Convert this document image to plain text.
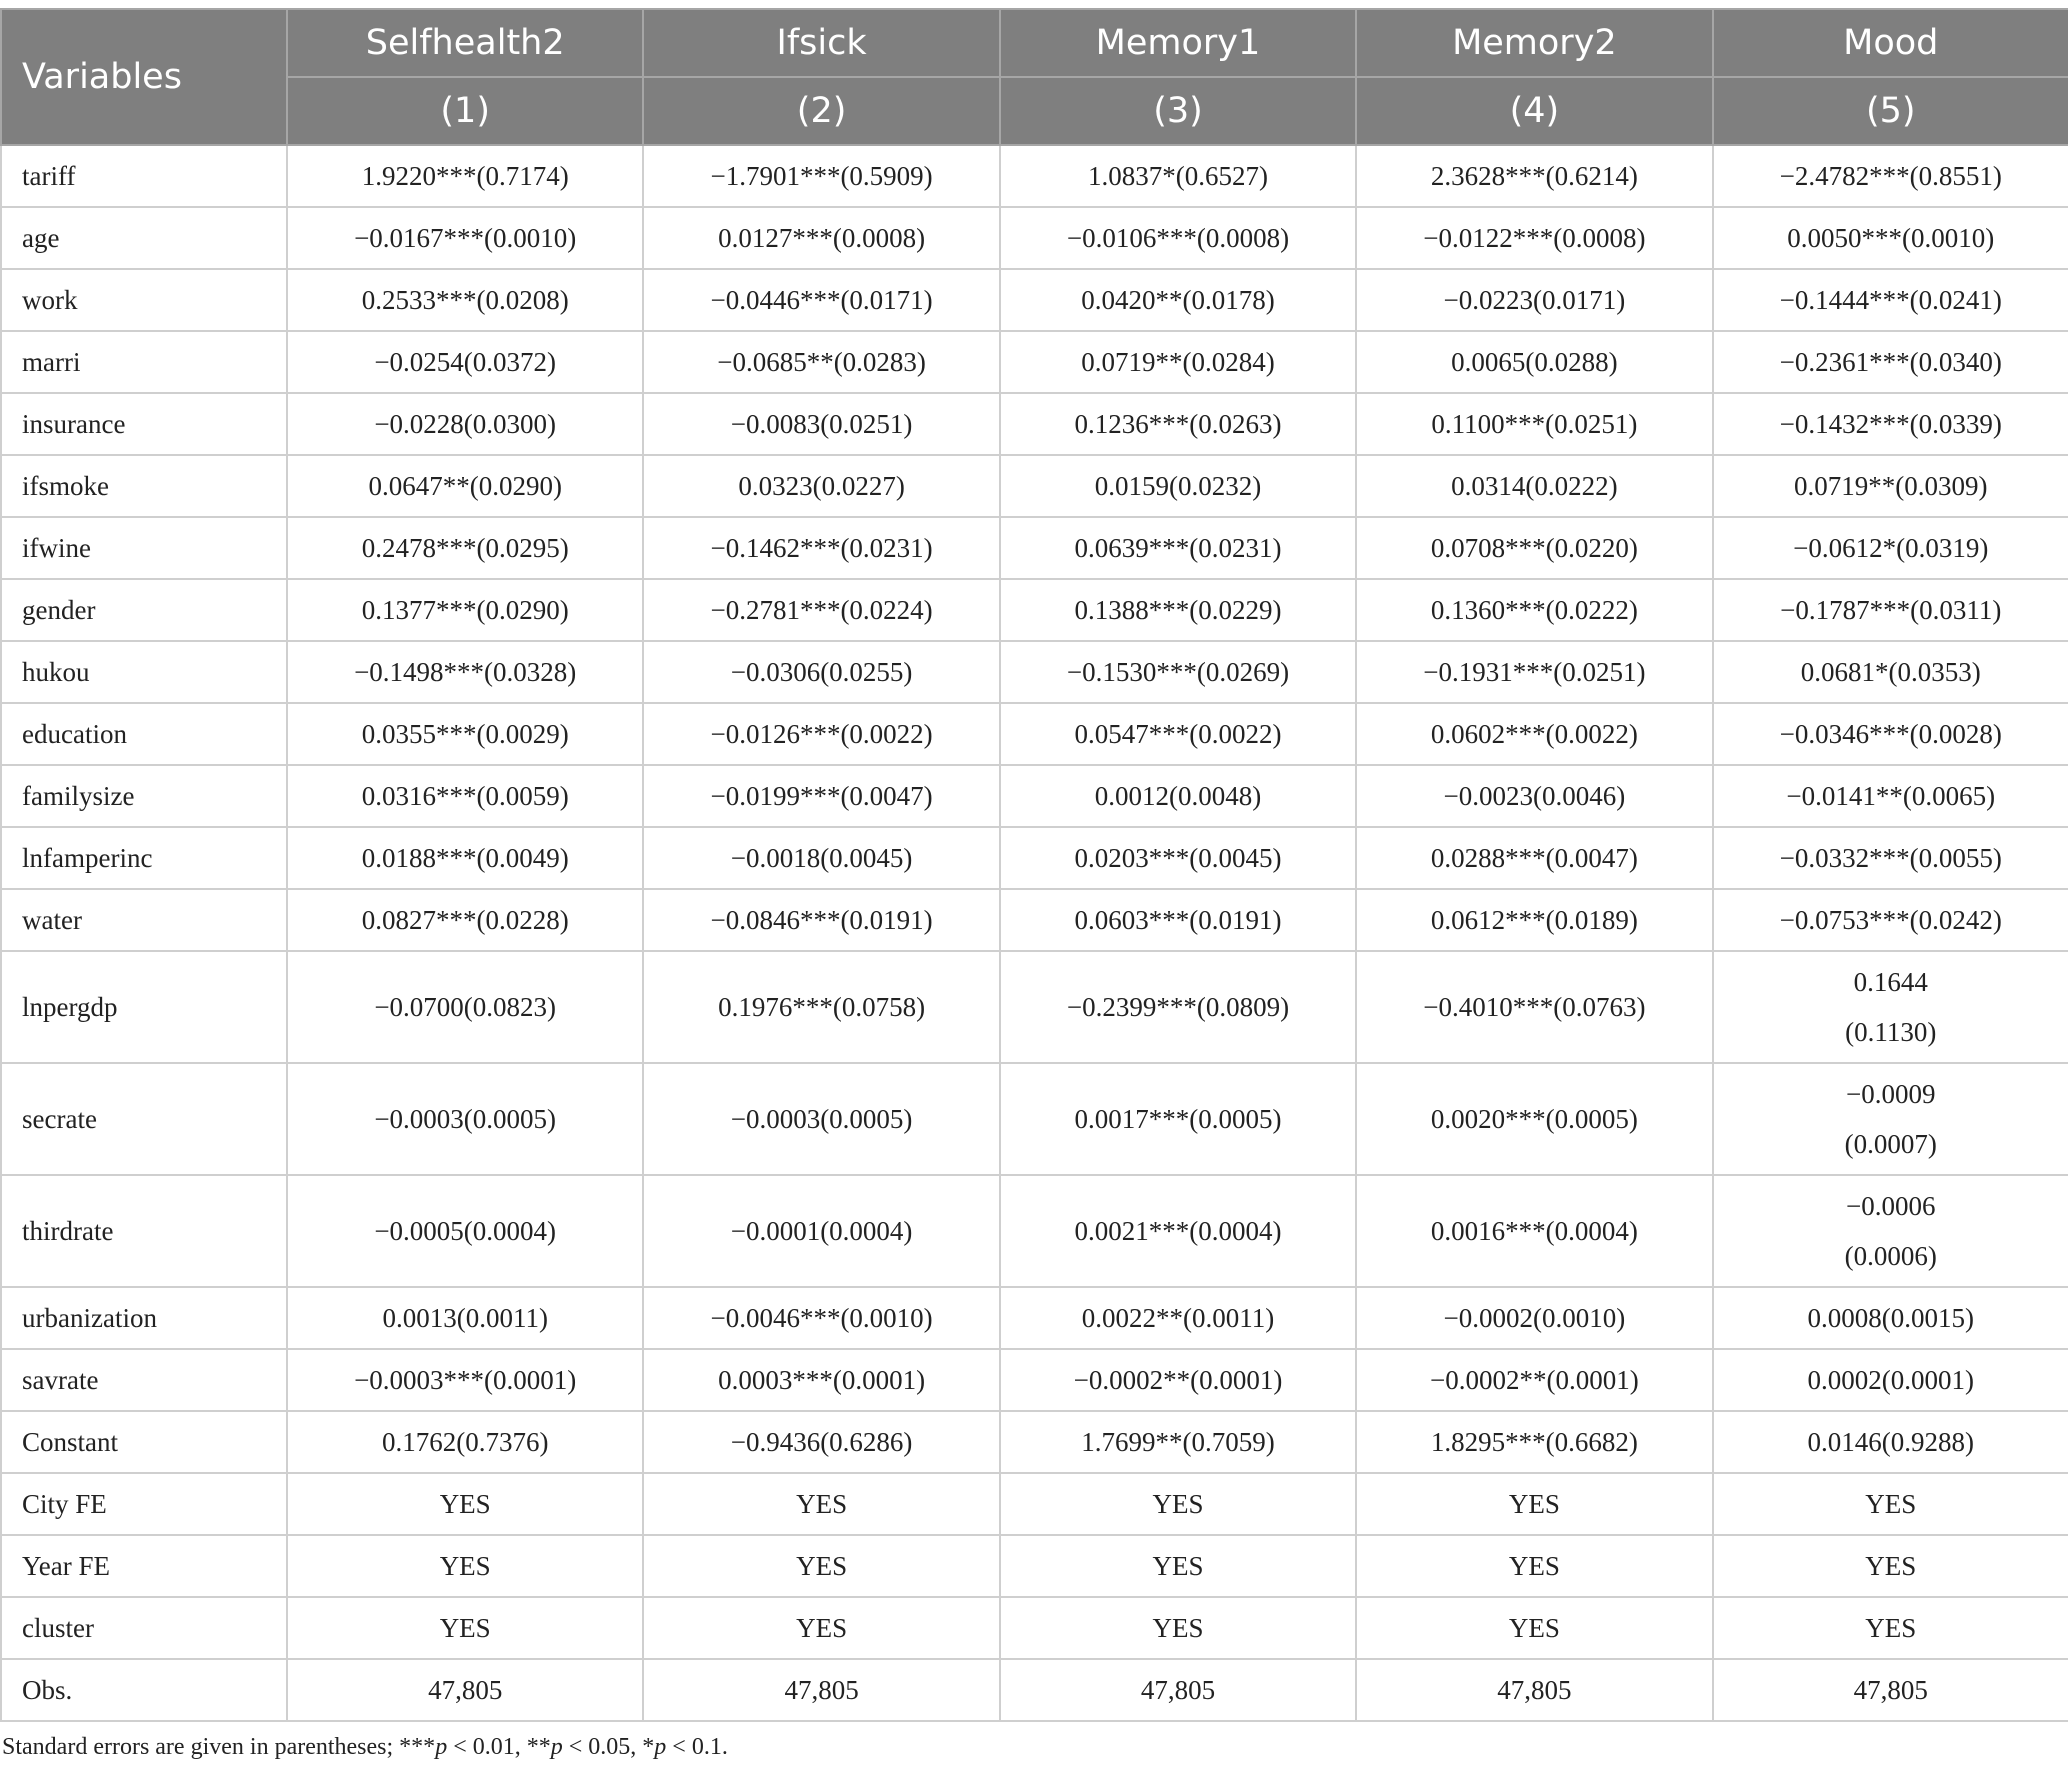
Variables	Selfhealth2	Ifsick	Memory1	Memory2	Mood
	(1)	(2)	(3)	(4)	(5)
tariff	1.9220***(0.7174)	−1.7901***(0.5909)	1.0837*(0.6527)	2.3628***(0.6214)	−2.4782***(0.8551)
age	−0.0167***(0.0010)	0.0127***(0.0008)	−0.0106***(0.0008)	−0.0122***(0.0008)	0.0050***(0.0010)
work	0.2533***(0.0208)	−0.0446***(0.0171)	0.0420**(0.0178)	−0.0223(0.0171)	−0.1444***(0.0241)
marri	−0.0254(0.0372)	−0.0685**(0.0283)	0.0719**(0.0284)	0.0065(0.0288)	−0.2361***(0.0340)
insurance	−0.0228(0.0300)	−0.0083(0.0251)	0.1236***(0.0263)	0.1100***(0.0251)	−0.1432***(0.0339)
ifsmoke	0.0647**(0.0290)	0.0323(0.0227)	0.0159(0.0232)	0.0314(0.0222)	0.0719**(0.0309)
ifwine	0.2478***(0.0295)	−0.1462***(0.0231)	0.0639***(0.0231)	0.0708***(0.0220)	−0.0612*(0.0319)
gender	0.1377***(0.0290)	−0.2781***(0.0224)	0.1388***(0.0229)	0.1360***(0.0222)	−0.1787***(0.0311)
hukou	−0.1498***(0.0328)	−0.0306(0.0255)	−0.1530***(0.0269)	−0.1931***(0.0251)	0.0681*(0.0353)
education	0.0355***(0.0029)	−0.0126***(0.0022)	0.0547***(0.0022)	0.0602***(0.0022)	−0.0346***(0.0028)
familysize	0.0316***(0.0059)	−0.0199***(0.0047)	0.0012(0.0048)	−0.0023(0.0046)	−0.0141**(0.0065)
lnfamperinc	0.0188***(0.0049)	−0.0018(0.0045)	0.0203***(0.0045)	0.0288***(0.0047)	−0.0332***(0.0055)
water	0.0827***(0.0228)	−0.0846***(0.0191)	0.0603***(0.0191)	0.0612***(0.0189)	−0.0753***(0.0242)
lnpergdp	−0.0700(0.0823)	0.1976***(0.0758)	−0.2399***(0.0809)	−0.4010***(0.0763)	0.1644
(0.1130)

secrate	−0.0003(0.0005)	−0.0003(0.0005)	0.0017***(0.0005)	0.0020***(0.0005)	−0.0009
(0.0007)

thirdrate	−0.0005(0.0004)	−0.0001(0.0004)	0.0021***(0.0004)	0.0016***(0.0004)	−0.0006
(0.0006)

urbanization	0.0013(0.0011)	−0.0046***(0.0010)	0.0022**(0.0011)	−0.0002(0.0010)	0.0008(0.0015)
savrate	−0.0003***(0.0001)	0.0003***(0.0001)	−0.0002**(0.0001)	−0.0002**(0.0001)	0.0002(0.0001)
Constant	0.1762(0.7376)	−0.9436(0.6286)	1.7699**(0.7059)	1.8295***(0.6682)	0.0146(0.9288)
City FE	YES	YES	YES	YES	YES
Year FE	YES	YES	YES	YES	YES
cluster	YES	YES	YES	YES	YES
Obs.	47,805	47,805	47,805	47,805	47,805
Standard errors are given in parentheses; ***p < 0.01, **p < 0.05, *p < 0.1.
